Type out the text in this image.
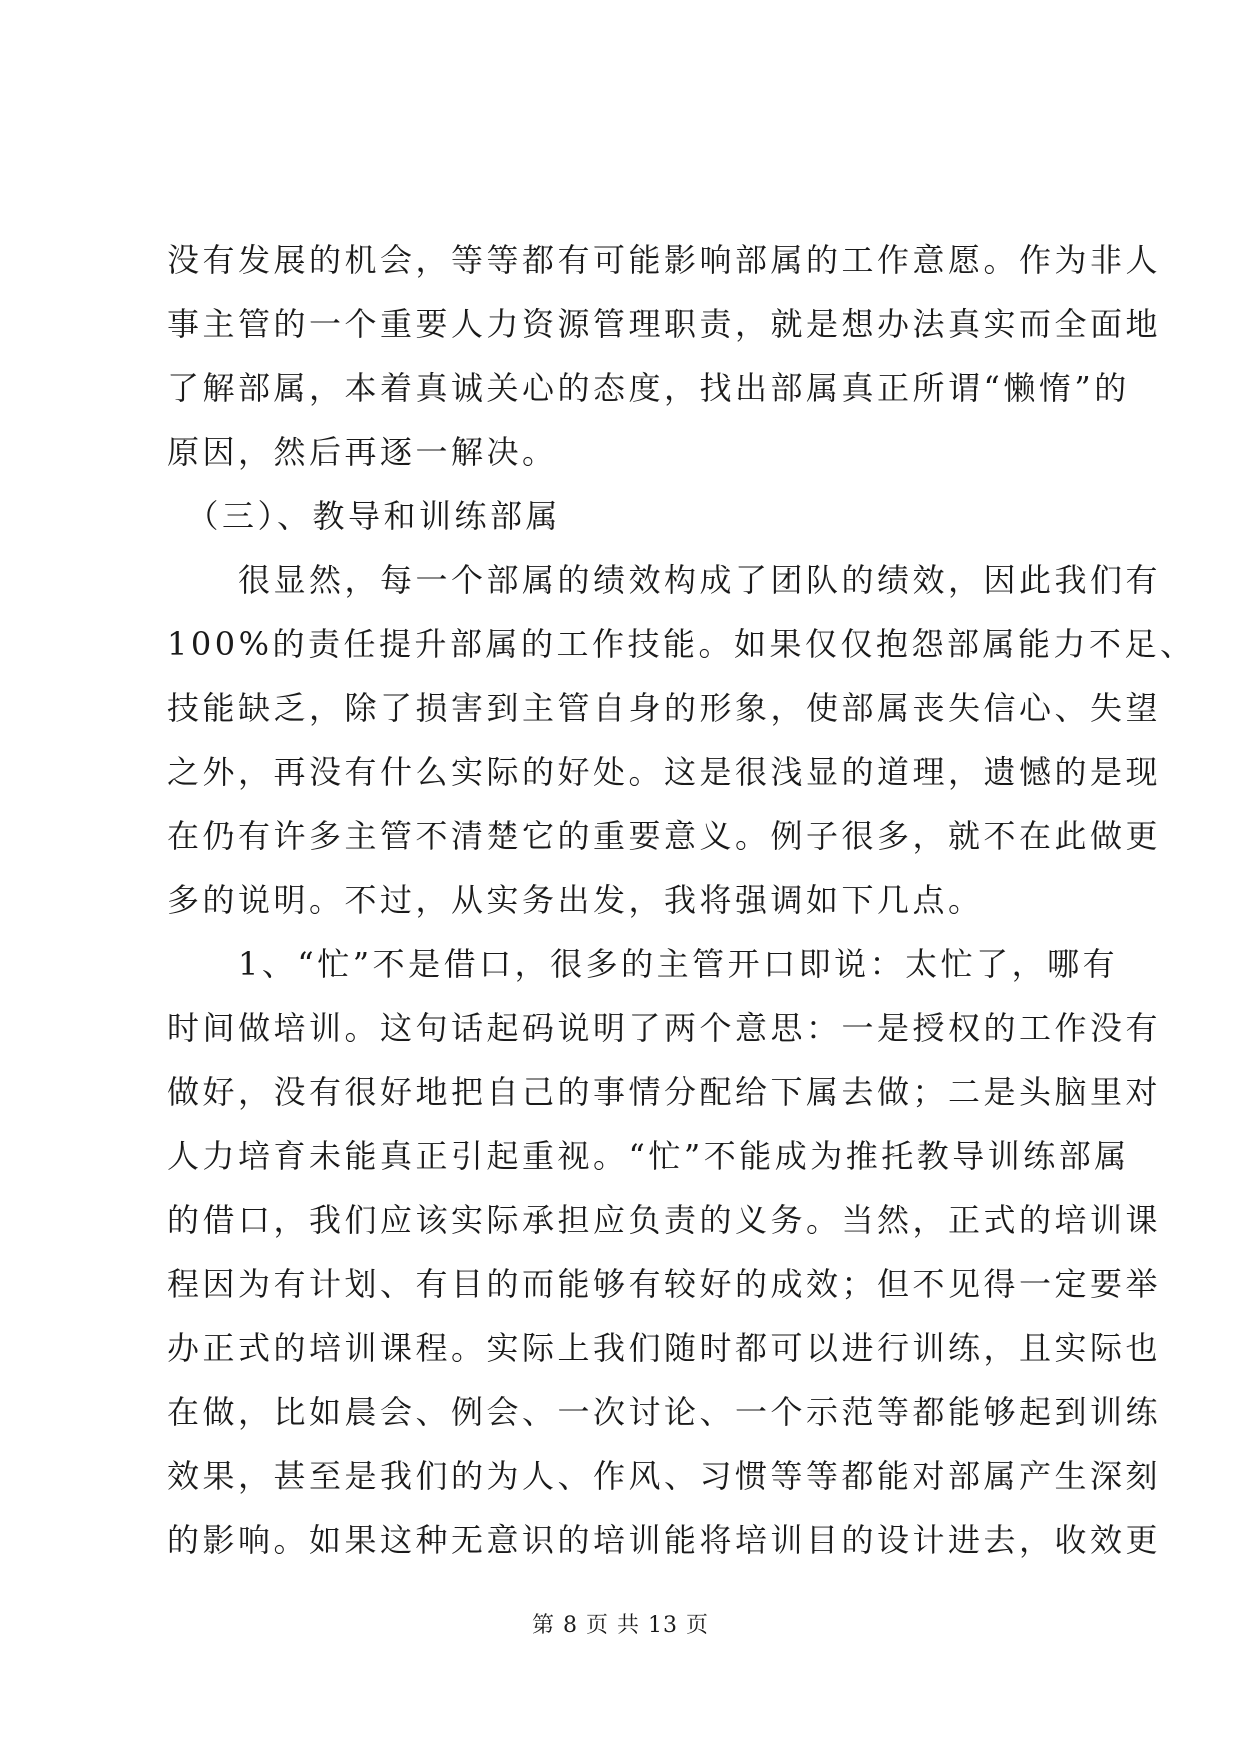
没有发展的机会，等等都有可能影响部属的工作意愿。作为非人
事主管的一个重要人力资源管理职责，就是想办法真实而全面地
了解部属，本着真诚关心的态度，找出部属真正所谓“懒惰”的
原因，然后再逐一解决。
　（三）、教导和训练部属
　　很显然，每一个部属的绩效构成了团队的绩效，因此我们有
100%的责任提升部属的工作技能。如果仅仅抱怨部属能力不足、
技能缺乏，除了损害到主管自身的形象，使部属丧失信心、失望
之外，再没有什么实际的好处。这是很浅显的道理，遗憾的是现
在仍有许多主管不清楚它的重要意义。例子很多，就不在此做更
多的说明。不过，从实务出发，我将强调如下几点。
　　1、“忙”不是借口，很多的主管开口即说：太忙了，哪有
时间做培训。这句话起码说明了两个意思：一是授权的工作没有
做好，没有很好地把自己的事情分配给下属去做；二是头脑里对
人力培育未能真正引起重视。“忙”不能成为推托教导训练部属
的借口，我们应该实际承担应负责的义务。当然，正式的培训课
程因为有计划、有目的而能够有较好的成效；但不见得一定要举
办正式的培训课程。实际上我们随时都可以进行训练，且实际也
在做，比如晨会、例会、一次讨论、一个示范等都能够起到训练
效果，甚至是我们的为人、作风、习惯等等都能对部属产生深刻
的影响。如果这种无意识的培训能将培训目的设计进去，收效更
第 8 页 共 13 页
